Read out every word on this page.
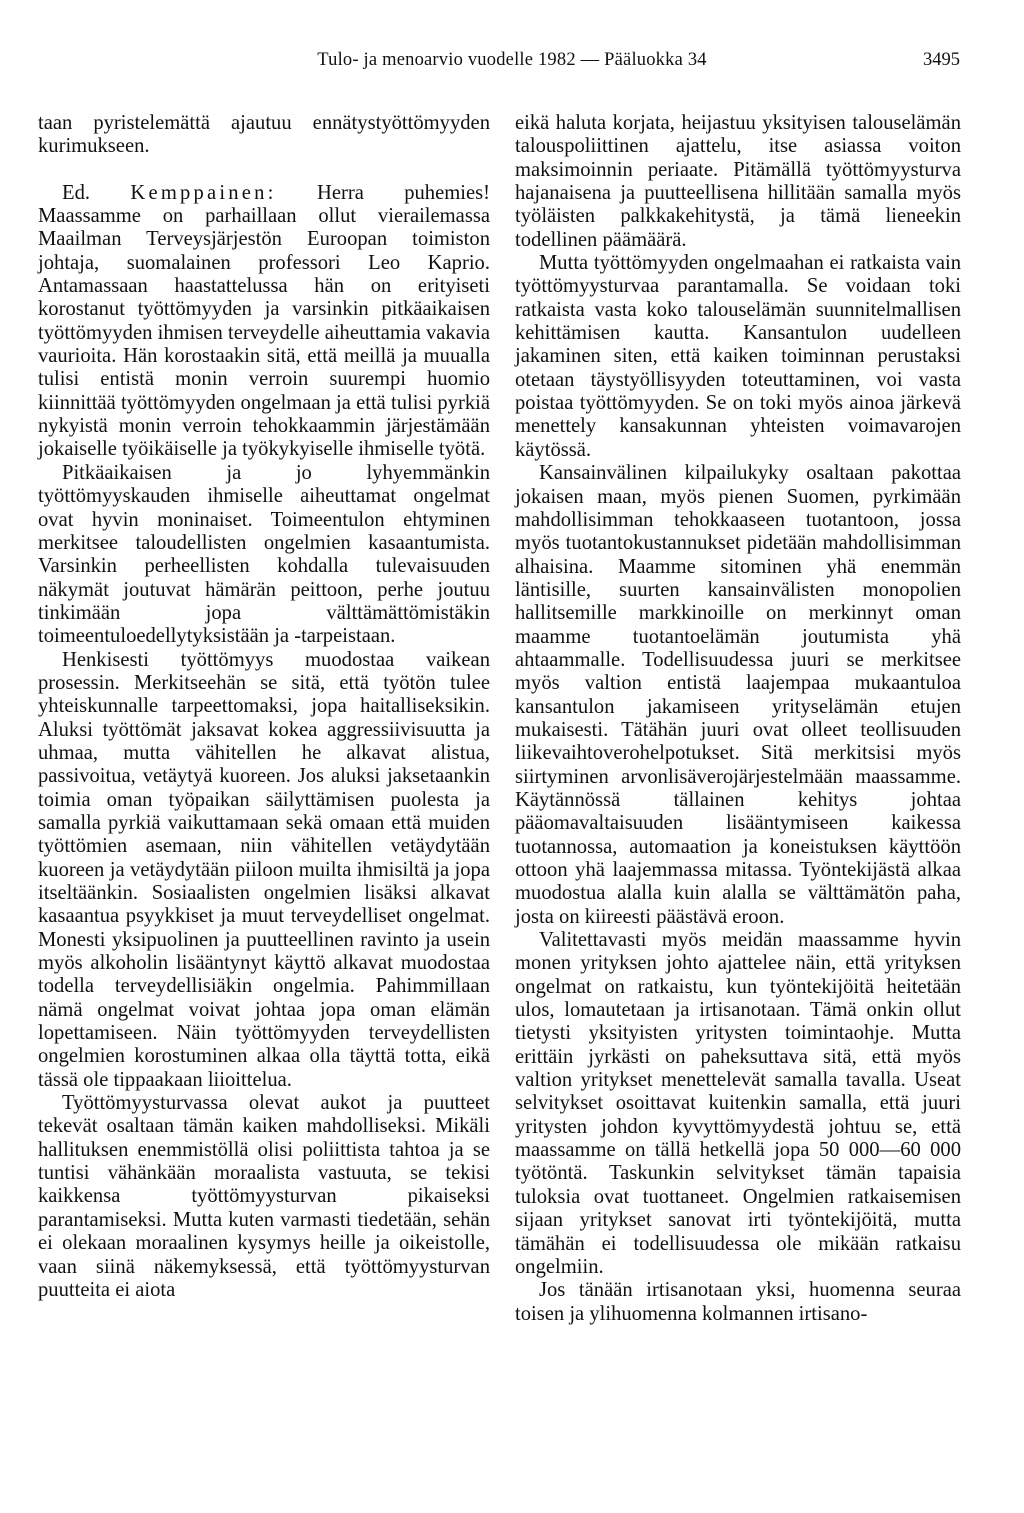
Tulo- ja menoarvio vuodelle 1982 — Pääluokka 34	3495

taan pyristelemättä ajautuu ennätystyöttömyyden kurimukseen.

Ed. Kemppainen: Herra puhemies! Maassamme on parhaillaan ollut vierailemassa Maailman Terveysjärjestön Euroopan toimiston johtaja, suomalainen professori Leo Kaprio. Antamassaan haastattelussa hän on erityiseti korostanut työttömyyden ja varsinkin pitkäaikaisen työttömyyden ihmisen terveydelle aiheuttamia vakavia vaurioita. Hän korostaakin sitä, että meillä ja muualla tulisi entistä monin verroin suurempi huomio kiinnittää työttömyyden ongelmaan ja että tulisi pyrkiä nykyistä monin verroin tehokkaammin järjestämään jokaiselle työikäiselle ja työkykyiselle ihmiselle työtä.

Pitkäaikaisen ja jo lyhyemmänkin työttömyyskauden ihmiselle aiheuttamat ongelmat ovat hyvin moninaiset. Toimeentulon ehtyminen merkitsee taloudellisten ongelmien kasaantumista. Varsinkin perheellisten kohdalla tulevaisuuden näkymät joutuvat hämärän peittoon, perhe joutuu tinkimään jopa välttämättömistäkin toimeentuloedellytyksistään ja -tarpeistaan.

Henkisesti työttömyys muodostaa vaikean prosessin. Merkitseehän se sitä, että työtön tulee yhteiskunnalle tarpeettomaksi, jopa haitalliseksikin. Aluksi työttömät jaksavat kokea aggressiivisuutta ja uhmaa, mutta vähitellen he alkavat alistua, passivoitua, vetäytyä kuoreen. Jos aluksi jaksetaankin toimia oman työpaikan säilyttämisen puolesta ja samalla pyrkiä vaikuttamaan sekä omaan että muiden työttömien asemaan, niin vähitellen vetäydytään kuoreen ja vetäydytään piiloon muilta ihmisiltä ja jopa itseltäänkin. Sosiaalisten ongelmien lisäksi alkavat kasaantua psyykkiset ja muut terveydelliset ongelmat. Monesti yksipuolinen ja puutteellinen ravinto ja usein myös alkoholin lisääntynyt käyttö alkavat muodostaa todella terveydellisiäkin ongelmia. Pahimmillaan nämä ongelmat voivat johtaa jopa oman elämän lopettamiseen. Näin työttömyyden terveydellisten ongelmien korostuminen alkaa olla täyttä totta, eikä tässä ole tippaakaan liioittelua.

Työttömyysturvassa olevat aukot ja puutteet tekevät osaltaan tämän kaiken mahdolliseksi. Mikäli hallituksen enemmistöllä olisi poliittista tahtoa ja se tuntisi vähänkään moraalista vastuuta, se tekisi kaikkensa työttömyysturvan pikaiseksi parantamiseksi. Mutta kuten varmasti tiedetään, sehän ei olekaan moraalinen kysymys heille ja oikeistolle, vaan siinä näkemyksessä, että työttömyysturvan puutteita ei aiota

eikä haluta korjata, heijastuu yksityisen talouselämän talouspoliittinen ajattelu, itse asiassa voiton maksimoinnin periaate. Pitämällä työttömyysturva hajanaisena ja puutteellisena hillitään samalla myös työläisten palkkakehitystä, ja tämä lieneekin todellinen päämäärä.

Mutta työttömyyden ongelmaahan ei ratkaista vain työttömyysturvaa parantamalla. Se voidaan toki ratkaista vasta koko talouselämän suunnitelmallisen kehittämisen kautta. Kansantulon uudelleen jakaminen siten, että kaiken toiminnan perustaksi otetaan täystyöllisyyden toteuttaminen, voi vasta poistaa työttömyyden. Se on toki myös ainoa järkevä menettely kansakunnan yhteisten voimavarojen käytössä.

Kansainvälinen kilpailukyky osaltaan pakottaa jokaisen maan, myös pienen Suomen, pyrkimään mahdollisimman tehokkaaseen tuotantoon, jossa myös tuotantokustannukset pidetään mahdollisimman alhaisina. Maamme sitominen yhä enemmän läntisille, suurten kansainvälisten monopolien hallitsemille markkinoille on merkinnyt oman maamme tuotantoelämän joutumista yhä ahtaammalle. Todellisuudessa juuri se merkitsee myös valtion entistä laajempaa mukaantuloa kansantulon jakamiseen yrityselämän etujen mukaisesti. Tätähän juuri ovat olleet teollisuuden liikevaihtoverohelpotukset. Sitä merkitsisi myös siirtyminen arvonlisäverojärjestelmään maassamme. Käytännössä tällainen kehitys johtaa pääomavaltaisuuden lisääntymiseen kaikessa tuotannossa, automaation ja koneistuksen käyttöön ottoon yhä laajemmassa mitassa. Työntekijästä alkaa muodostua alalla kuin alalla se välttämätön paha, josta on kiireesti päästävä eroon.

Valitettavasti myös meidän maassamme hyvin monen yrityksen johto ajattelee näin, että yrityksen ongelmat on ratkaistu, kun työntekijöitä heitetään ulos, lomautetaan ja irtisanotaan. Tämä onkin ollut tietysti yksityisten yritysten toimintaohje. Mutta erittäin jyrkästi on paheksuttava sitä, että myös valtion yritykset menettelevät samalla tavalla. Useat selvitykset osoittavat kuitenkin samalla, että juuri yritysten johdon kyvyttömyydestä johtuu se, että maassamme on tällä hetkellä jopa 50 000—60 000 työtöntä. Taskunkin selvitykset tämän tapaisia tuloksia ovat tuottaneet. Ongelmien ratkaisemisen sijaan yritykset sanovat irti työntekijöitä, mutta tämähän ei todellisuudessa ole mikään ratkaisu ongelmiin.

Jos tänään irtisanotaan yksi, huomenna seuraa toisen ja ylihuomenna kolmannen irtisano-
